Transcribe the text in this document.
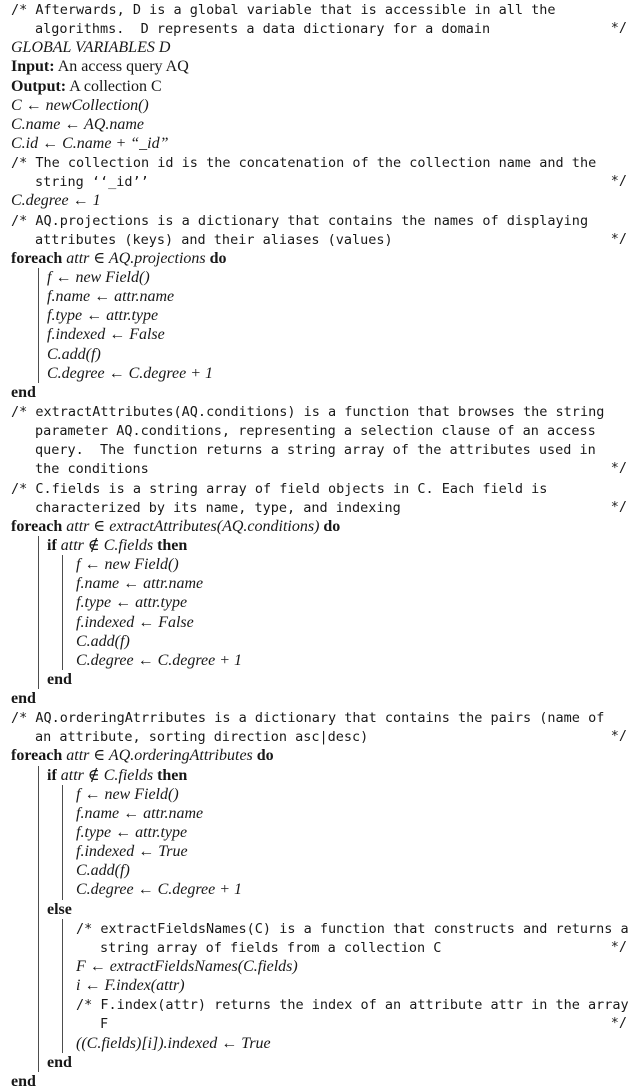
/* Afterwards, D is a global variable that is accessible in all the
algorithms.  D represents a data dictionary for a domain	*/
GLOBAL VARIABLES D
Input: An access query AQ
Output: A collection C
C ← newCollection()
C.name ← AQ.name
C.id ← C.name + “_id”
/* The collection id is the concatenation of the collection name and the
string ‘‘_id’’	*/
C.degree ← 1
/* AQ.projections is a dictionary that contains the names of displaying
attributes (keys) and their aliases (values)	*/
foreach attr ∈ AQ.projections do
f ← new Field()
f.name ← attr.name
f.type ← attr.type
f.indexed ← False
C.add(f)
C.degree ← C.degree + 1
end
/* extractAttributes(AQ.conditions) is a function that browses the string
parameter AQ.conditions, representing a selection clause of an access
query.  The function returns a string array of the attributes used in
the conditions	*/
/* C.fields is a string array of field objects in C. Each field is
characterized by its name, type, and indexing	*/
foreach attr ∈ extractAttributes(AQ.conditions) do
if attr ∉ C.fields then
f ← new Field()
f.name ← attr.name
f.type ← attr.type
f.indexed ← False
C.add(f)
C.degree ← C.degree + 1
end
end
/* AQ.orderingAtrributes is a dictionary that contains the pairs (name of
an attribute, sorting direction asc|desc)	*/
foreach attr ∈ AQ.orderingAttributes do
if attr ∉ C.fields then
f ← new Field()
f.name ← attr.name
f.type ← attr.type
f.indexed ← True
C.add(f)
C.degree ← C.degree + 1
else
/* extractFieldsNames(C) is a function that constructs and returns a
string array of fields from a collection C	*/
F ← extractFieldsNames(C.fields)
i ← F.index(attr)
/* F.index(attr) returns the index of an attribute attr in the array
F	*/
((C.fields)[i]).indexed ← True
end
end
